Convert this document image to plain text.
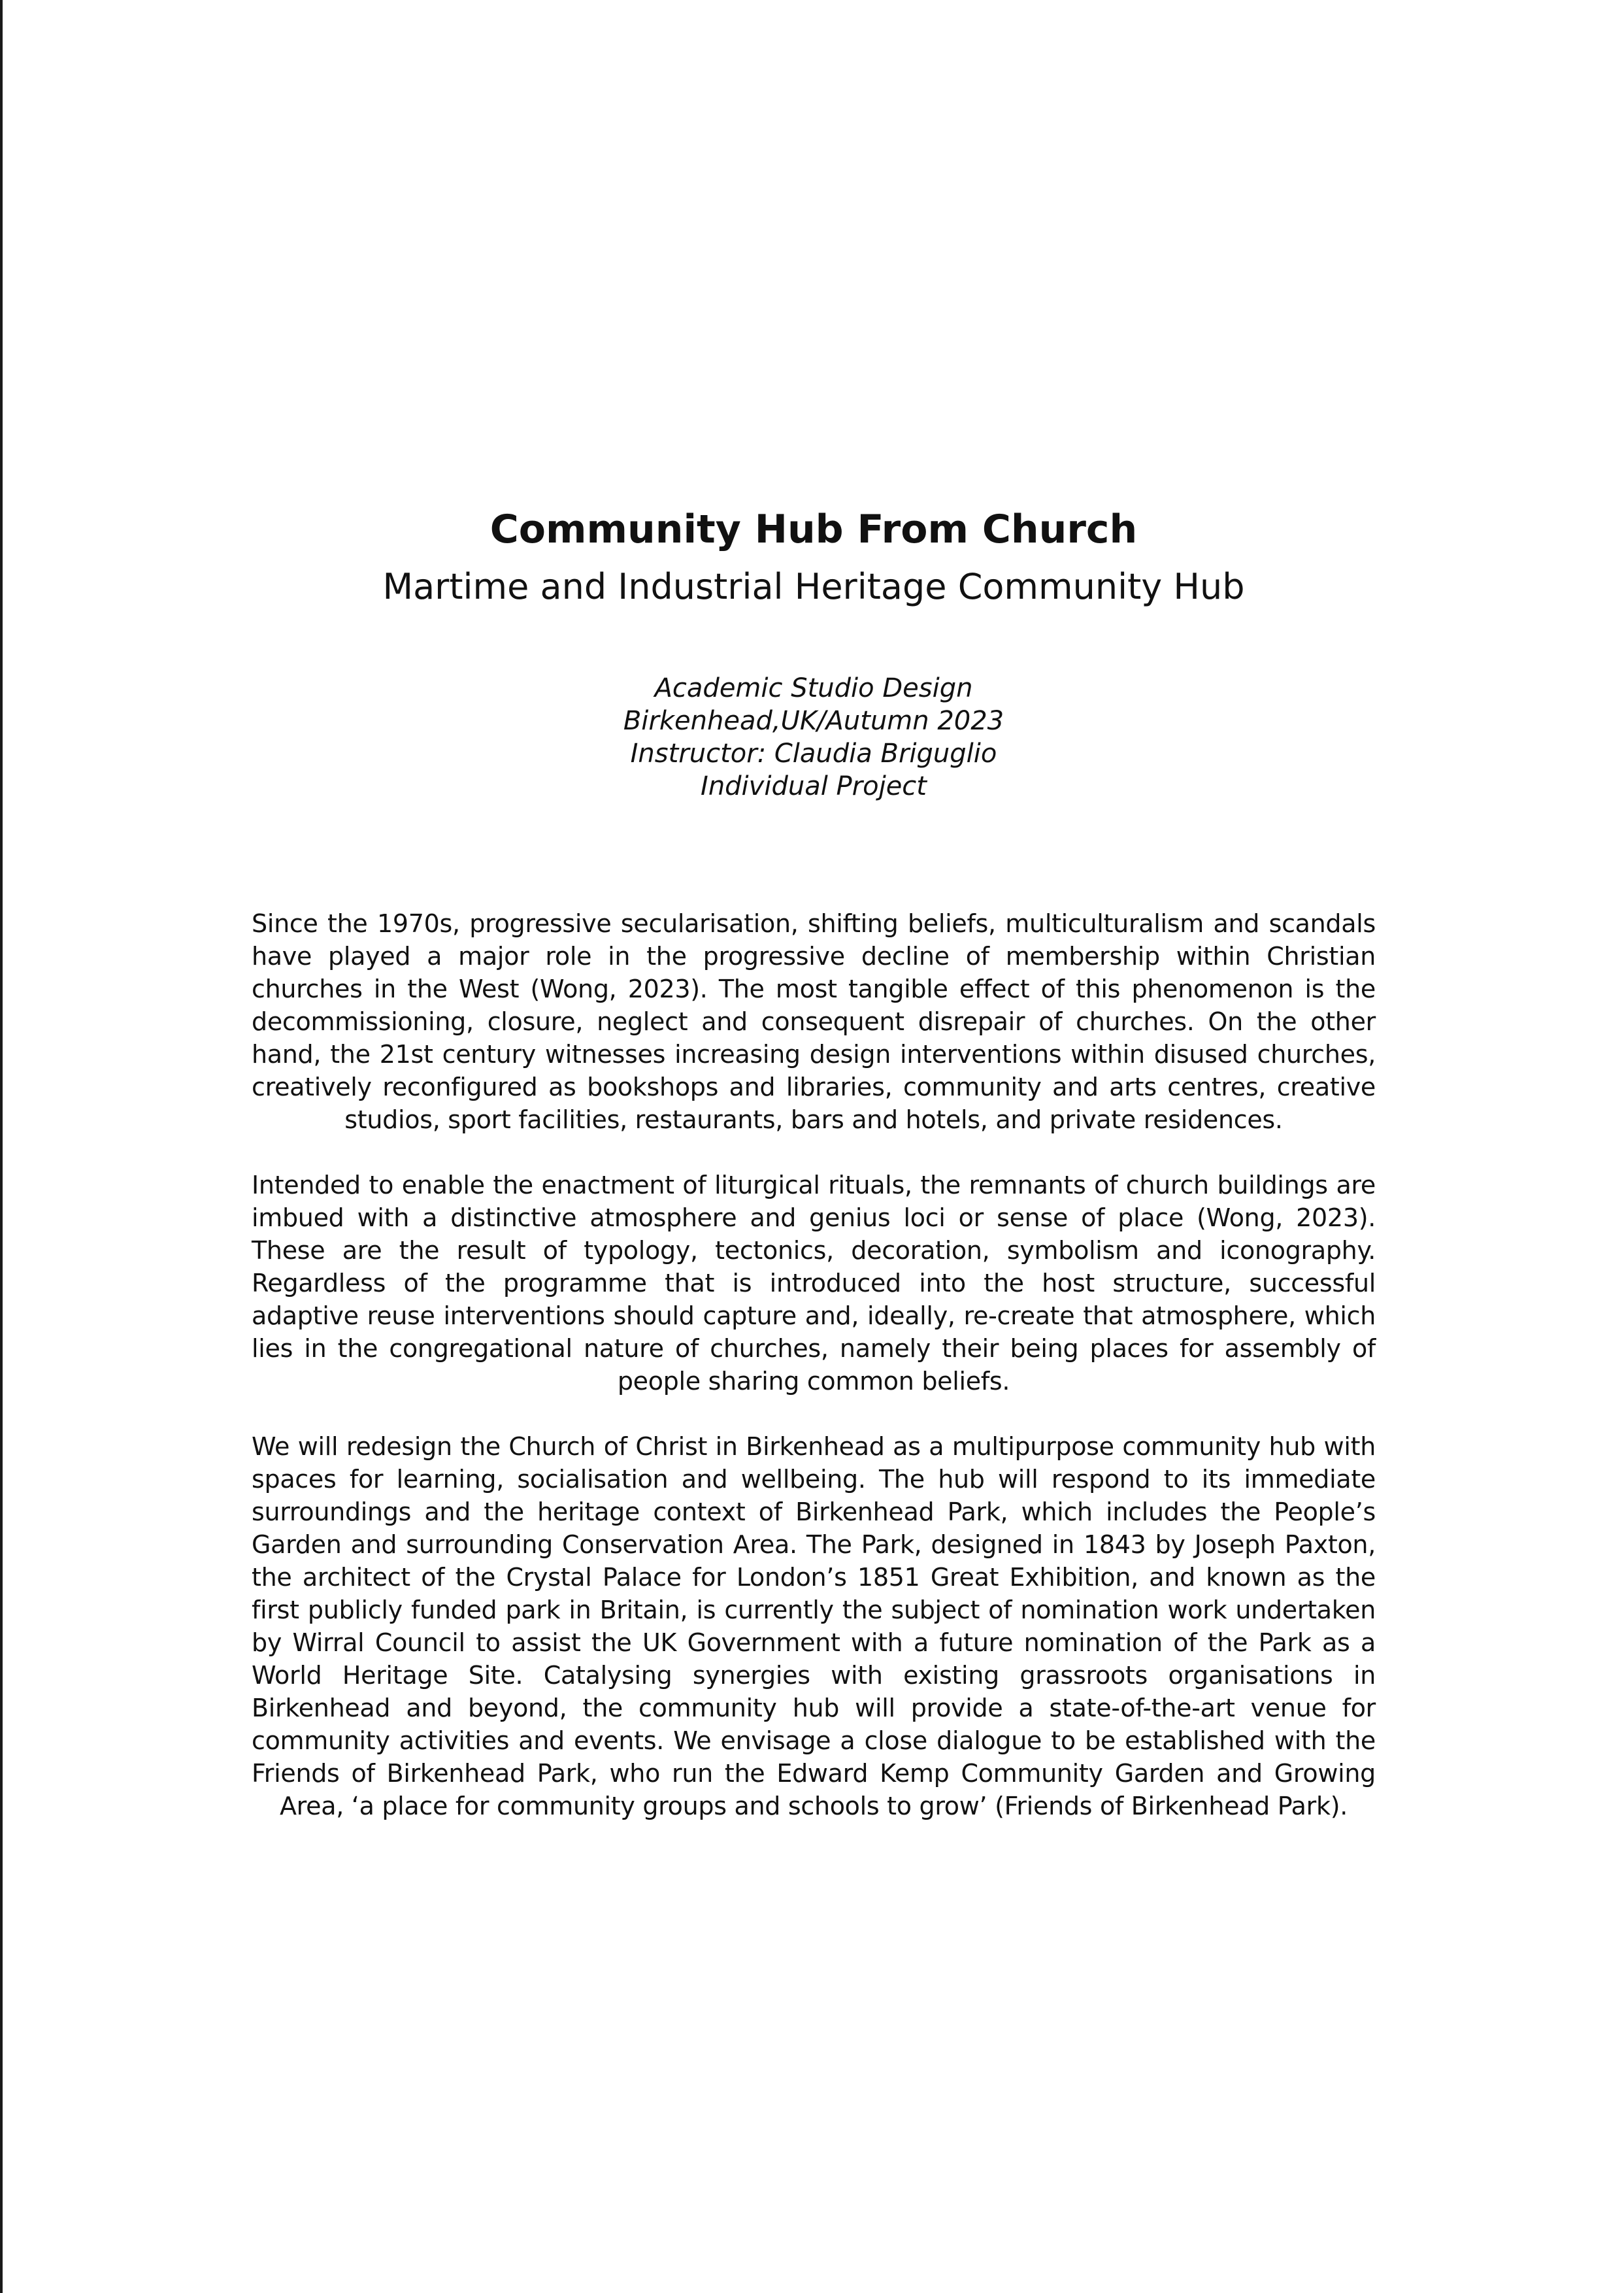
Community Hub From Church
Martime and Industrial Heritage Community Hub
Academic Studio Design
Birkenhead,UK/Autumn 2023
Instructor: Claudia Briguglio
Individual Project

Since the 1970s, progressive secularisation, shifting beliefs, multiculturalism and scandals have played a major role in the progressive decline of membership within Christian churches in the West (Wong, 2023). The most tangible effect of this phenomenon is the decommissioning, closure, neglect and consequent disrepair of churches. On the other hand, the 21st century witnesses increasing design interventions within disused churches, creatively reconfigured as bookshops and libraries, community and arts centres, creative studios, sport facilities, restaurants, bars and hotels, and private residences.

Intended to enable the enactment of liturgical rituals, the remnants of church buildings are imbued with a distinctive atmosphere and genius loci or sense of place (Wong, 2023). These are the result of typology, tectonics, decoration, symbolism and iconography. Regardless of the programme that is introduced into the host structure, successful adaptive reuse interventions should capture and, ideally, re-create that atmosphere, which lies in the congregational nature of churches, namely their being places for assembly of people sharing common beliefs.

We will redesign the Church of Christ in Birkenhead as a multipurpose community hub with spaces for learning, socialisation and wellbeing. The hub will respond to its immediate surroundings and the heritage context of Birkenhead Park, which includes the People’s Garden and surrounding Conservation Area. The Park, designed in 1843 by Joseph Paxton, the architect of the Crystal Palace for London’s 1851 Great Exhibition, and known as the first publicly funded park in Britain, is currently the subject of nomination work undertaken by Wirral Council to assist the UK Government with a future nomination of the Park as a World Heritage Site. Catalysing synergies with existing grassroots organisations in Birkenhead and beyond, the community hub will provide a state-of-the-art venue for community activities and events. We envisage a close dialogue to be established with the Friends of Birkenhead Park, who run the Edward Kemp Community Garden and Growing Area, ‘a place for community groups and schools to grow’ (Friends of Birkenhead Park).
